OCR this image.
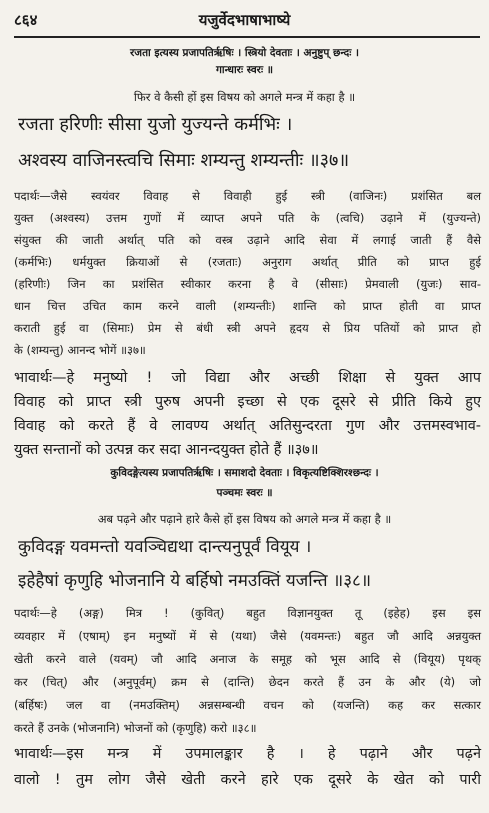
८६४	यजुर्वेदभाषाभाष्ये
रजता इत्यस्य प्रजापतिर्ऋषिः । स्त्रियो देवताः । अनुष्टुप् छन्दः ।
गान्धारः स्वरः ॥
फिर वे कैसी हों इस विषय को अगले मन्त्र में कहा है ॥
रजता हरिणीः सीसा युजो युज्यन्ते कर्मभिः ।
अश्वस्य वाजिनस्त्वचि सिमाः शम्यन्तु शम्यन्तीः ॥३७॥
पदार्थः—जैसे स्वयंवर विवाह से विवाही हुई स्त्री (वाजिनः) प्रशंसित बल
युक्त (अश्वस्य) उत्तम गुणों में व्याप्त अपने पति के (त्वचि) उढ़ाने में (युज्यन्ते)
संयुक्त की जाती अर्थात् पति को वस्त्र उढ़ाने आदि सेवा में लगाई जाती हैं वैसे
(कर्मभिः) धर्मयुक्त क्रियाओं से (रजताः) अनुराग अर्थात् प्रीति को प्राप्त हुई
(हरिणीः) जिन का प्रशंसित स्वीकार करना है वे (सीसाः) प्रेमवाली (युजः) साव-
धान चित्त उचित काम करने वाली (शम्यन्तीः) शान्ति को प्राप्त होती वा प्राप्त
कराती हुई वा (सिमाः) प्रेम से बंधी स्त्री अपने हृदय से प्रिय पतियों को प्राप्त हो
के (शम्यन्तु) आनन्द भोगें ॥३७॥
भावार्थः—हे मनुष्यो ! जो विद्या और अच्छी शिक्षा से युक्त आप
विवाह को प्राप्त स्त्री पुरुष अपनी इच्छा से एक दूसरे से प्रीति किये हुए
विवाह को करते हैं वे लावण्य अर्थात् अतिसुन्दरता गुण और उत्तमस्वभाव-
युक्त सन्तानों को उत्पन्न कर सदा आनन्दयुक्त होते हैं ॥३७॥
कुविदङ्गेत्यस्य प्रजापतिर्ऋषिः । समाशदो देवताः । विकृत्यष्टिक्शिरश्छन्दः ।
पञ्चमः स्वरः ॥
अब पढ़ने और पढ़ाने हारे कैसे हों इस विषय को अगले मन्त्र में कहा है ॥
कुविदङ्ग यवमन्तो यवञ्चिद्यथा दान्त्यनुपूर्वं वियूय ।
इहेहैषां कृणुहि भोजनानि ये बर्हिषो नमउक्तिं यजन्ति ॥३८॥
पदार्थः—हे (अङ्ग) मित्र ! (कुवित्) बहुत विज्ञानयुक्त तू (इहेह) इस इस
व्यवहार में (एषाम्) इन मनुष्यों में से (यथा) जैसे (यवमन्तः) बहुत जौ आदि अन्नयुक्त
खेती करने वाले (यवम्) जौ आदि अनाज के समूह को भूस आदि से (वियूय) पृथक्
कर (चित्) और (अनुपूर्वम्) क्रम से (दान्ति) छेदन करते हैं उन के और (ये) जो
(बर्हिषः) जल वा (नमउक्तिम्) अन्नसम्बन्धी वचन को (यजन्ति) कह कर सत्कार
करते हैं उनके (भोजनानि) भोजनों को (कृणुहि) करो ॥३८॥
भावार्थः—इस मन्त्र में उपमालङ्कार है । हे पढ़ाने और पढ़ने
वालो ! तुम लोग जैसे खेती करने हारे एक दूसरे के खेत को पारी
